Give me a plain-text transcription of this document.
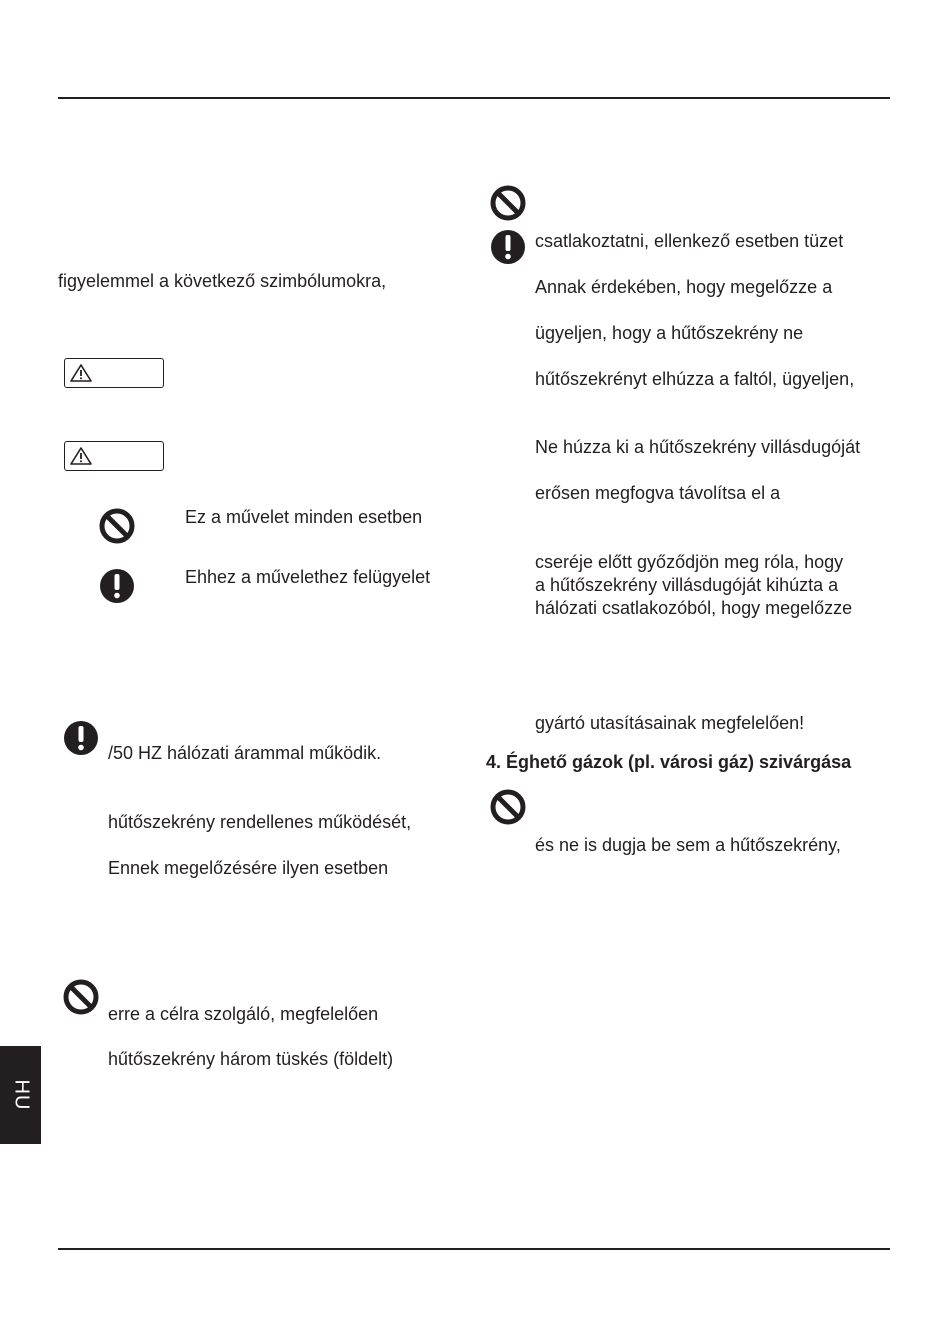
figyelemmel a következő szimbólumokra,
Ez a művelet minden esetben
Ehhez a művelethez felügyelet
/50 HZ hálózati árammal működik.
hűtőszekrény rendellenes működését,
Ennek megelőzésére ilyen esetben
erre a célra szolgáló, megfelelően
hűtőszekrény három tüskés (földelt)
HU
csatlakoztatni, ellenkező esetben tüzet
Annak érdekében, hogy megelőzze a
ügyeljen, hogy a hűtőszekrény ne
hűtőszekrényt elhúzza a faltól, ügyeljen,
Ne húzza ki a hűtőszekrény villásdugóját
erősen megfogva távolítsa el a
cseréje előtt győződjön meg róla, hogy
a hűtőszekrény villásdugóját kihúzta a
hálózati csatlakozóból, hogy megelőzze
gyártó utasításainak megfelelően!
4. Éghető gázok (pl. városi gáz) szivárgása
és ne is dugja be sem a hűtőszekrény,
